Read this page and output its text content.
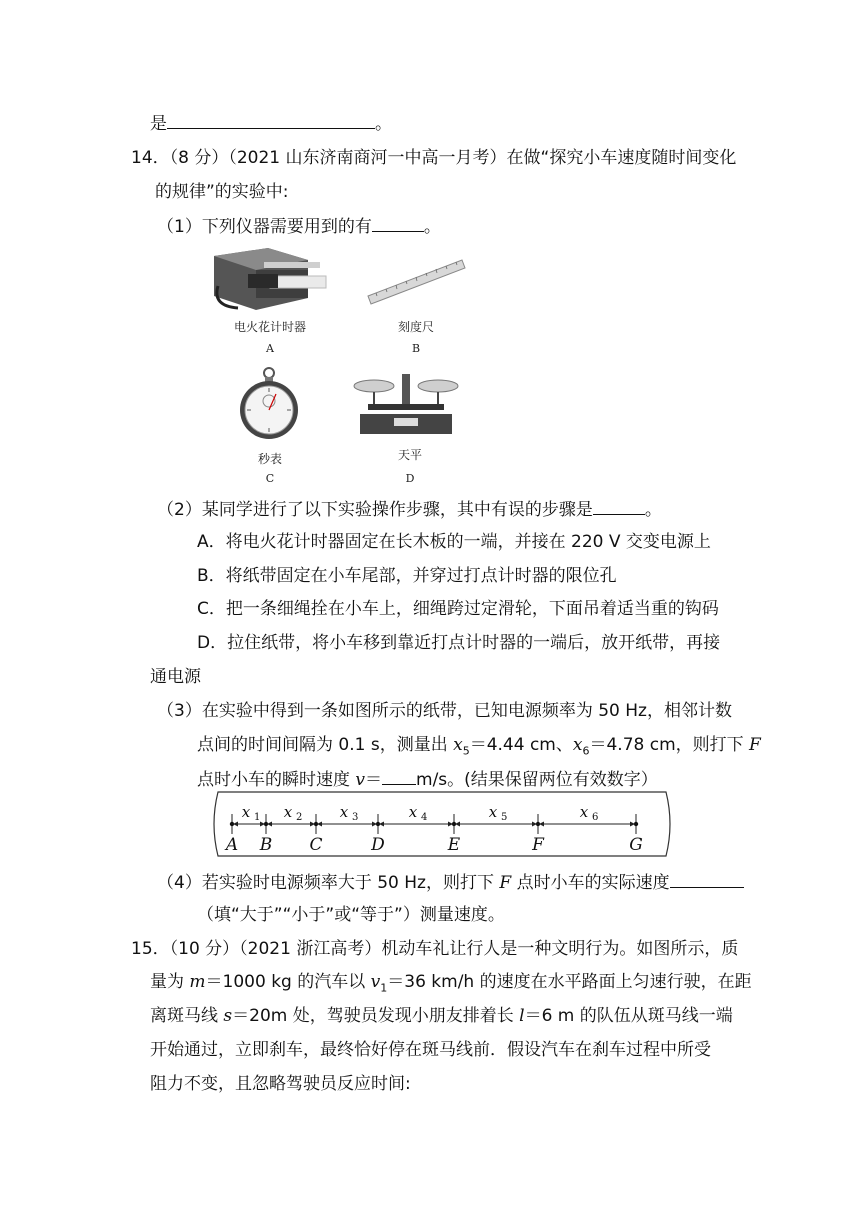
是	。
14．（8 分）（2021 山东济南商河一中高一月考）在做“探究小车速度随时间变化
的规律”的实验中:
（1）下列仪器需要用到的有	。
电火花计时器
A
刻度尺
B
秒表
C
天平
D
（2）某同学进行了以下实验操作步骤，其中有误的步骤是	。
A．将电火花计时器固定在长木板的一端，并接在 220 V 交变电源上
B．将纸带固定在小车尾部，并穿过打点计时器的限位孔
C．把一条细绳拴在小车上，细绳跨过定滑轮，下面吊着适当重的钩码
D．拉住纸带，将小车移到靠近打点计时器的一端后，放开纸带，再接
通电源
（3）在实验中得到一条如图所示的纸带，已知电源频率为 50 Hz，相邻计数
点间的时间间隔为 0.1 s，测量出 $x_5=4.44$ cm、$x_6=4.78$ cm，则打下 F
点时小车的瞬时速度 v＝ m/s。(结果保留两位有效数字）
A B C	D	E	F	G
x 1 x 2 x 3	x 4	x 5	x 6
（4）若实验时电源频率大于 50 Hz，则打下 F 点时小车的实际速度
（填“大于”“小于”或“等于”）测量速度。
15．（10 分）（2021 浙江高考）机动车礼让行人是一种文明行为。如图所示，质
量为 m＝1000 kg 的汽车以 $v_1=36$ km/h 的速度在水平路面上匀速行驶，在距
离斑马线 s＝20m 处，驾驶员发现小朋友排着长 l＝6 m 的队伍从斑马线一端
开始通过，立即刹车，最终恰好停在斑马线前．假设汽车在刹车过程中所受
阻力不变，且忽略驾驶员反应时间:
